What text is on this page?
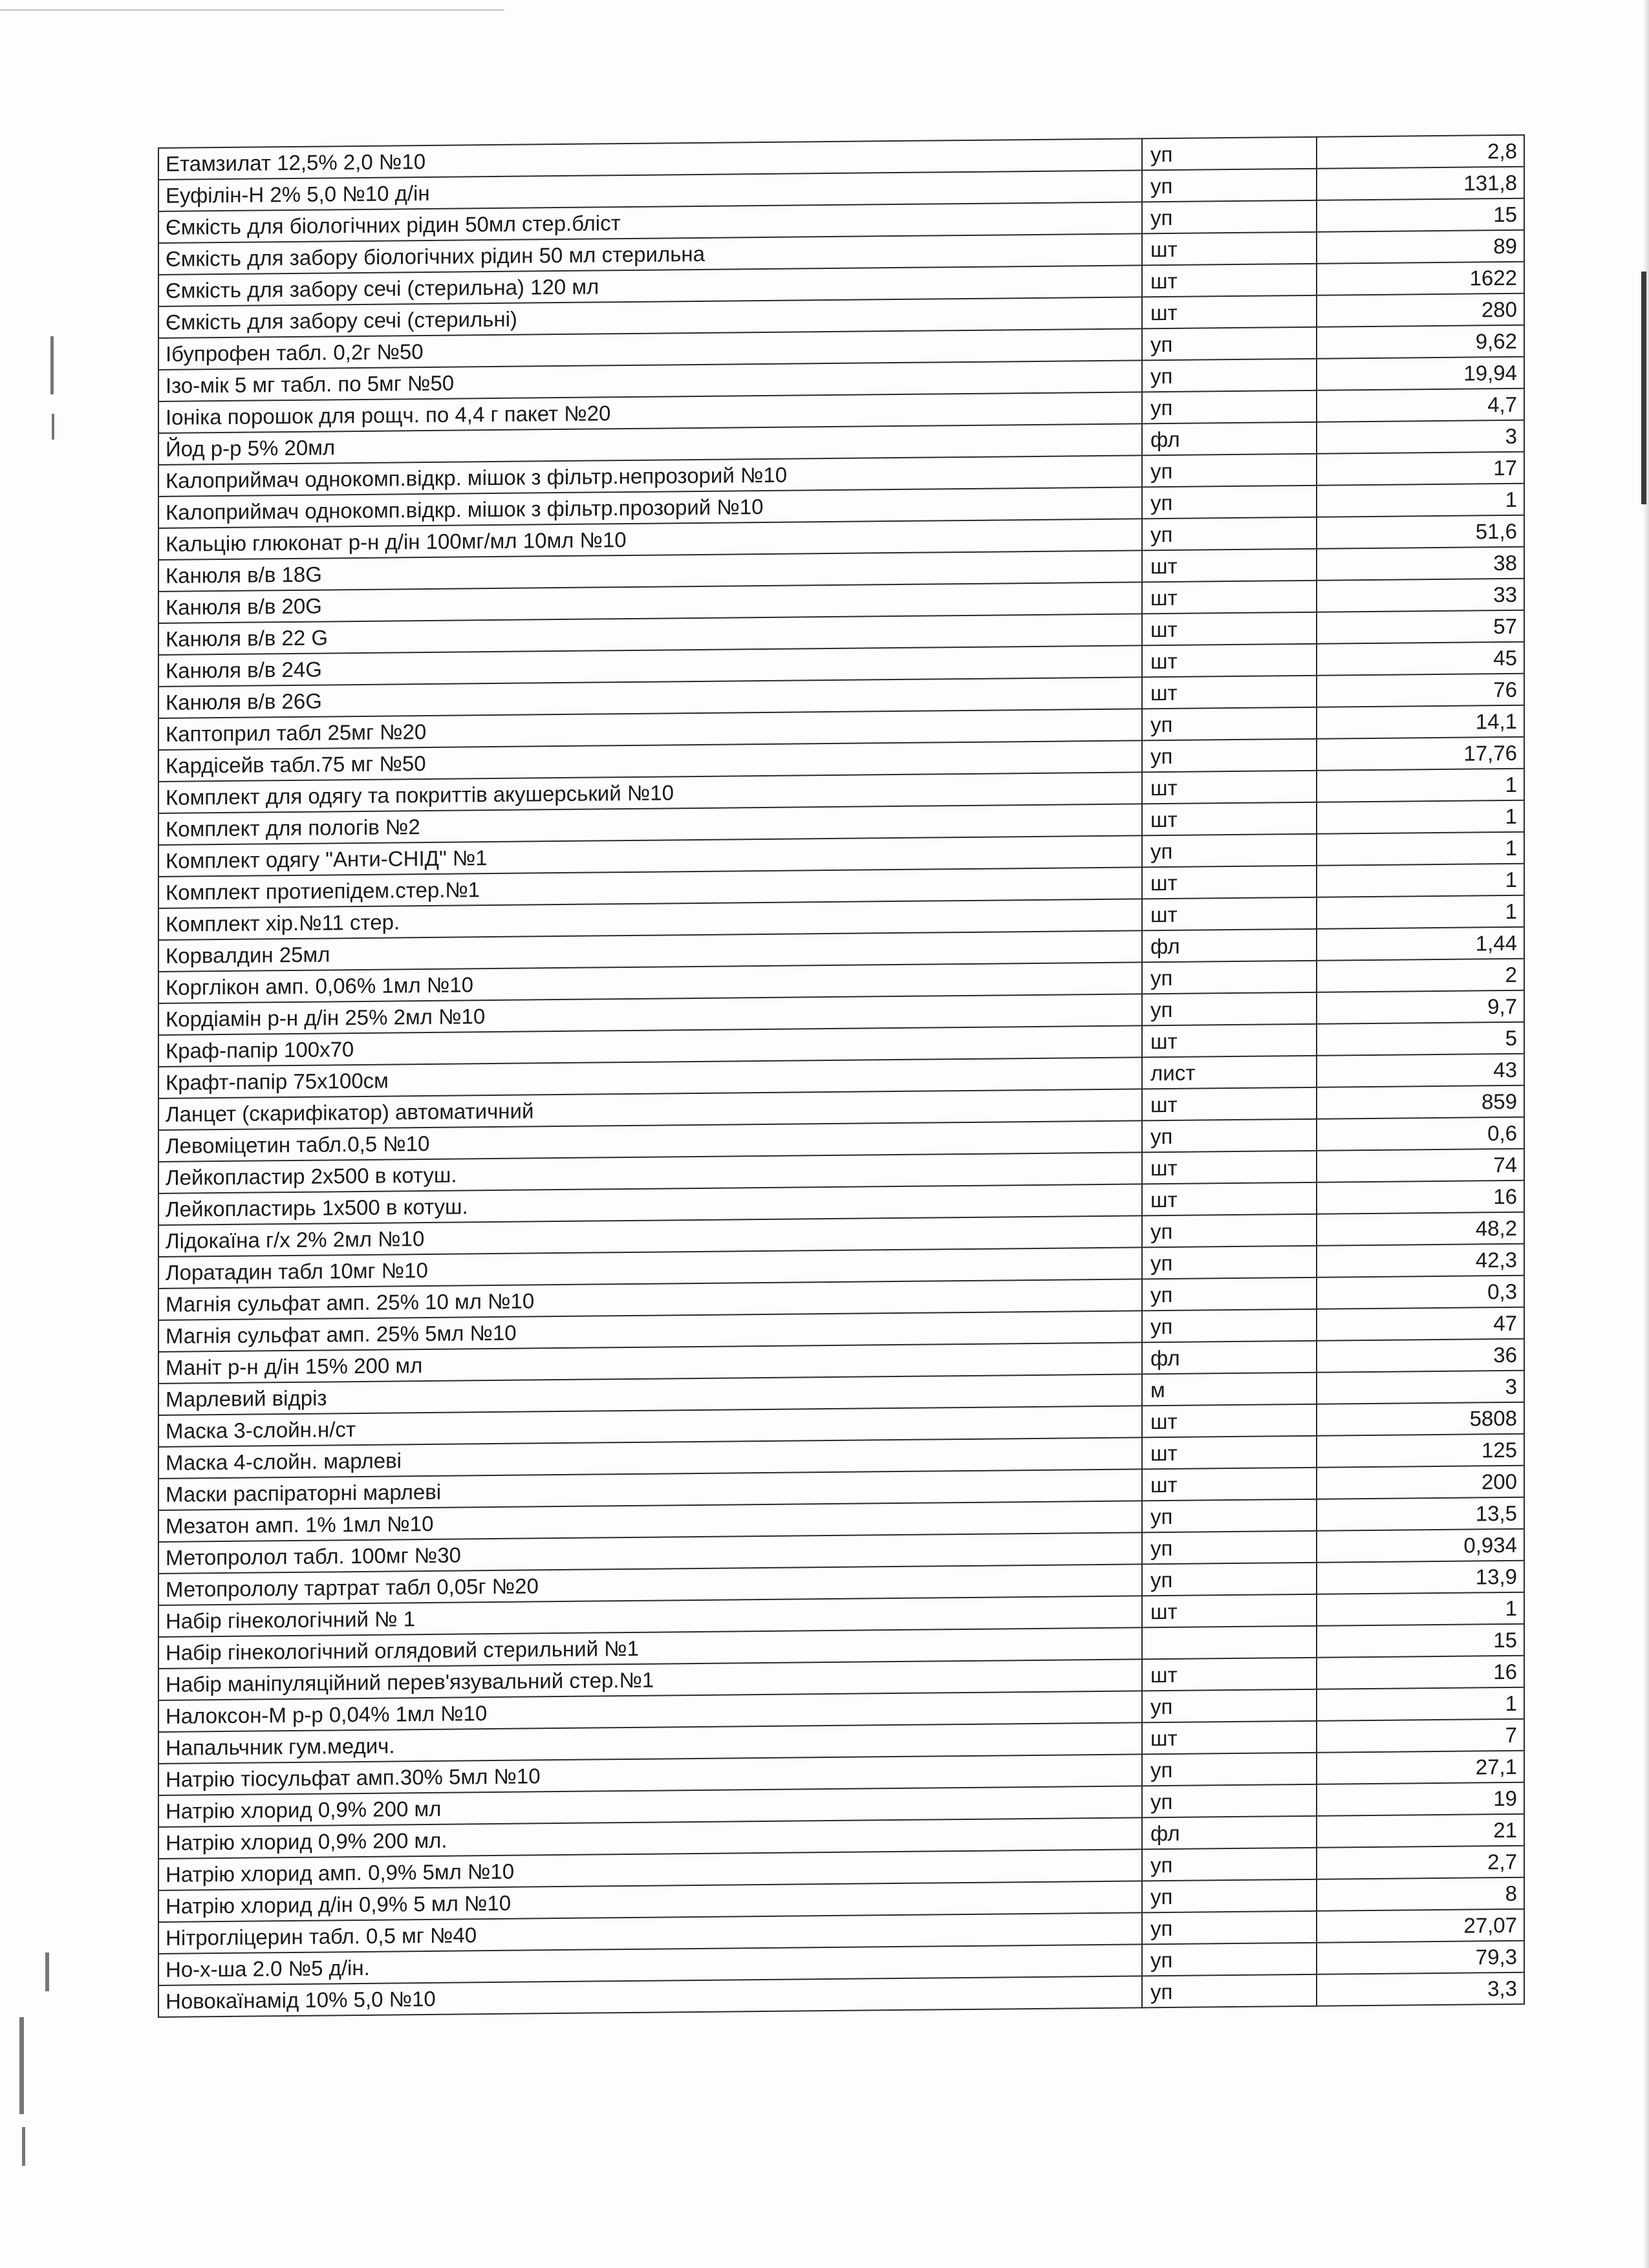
Етамзилат 12,5% 2,0 №10	уп	2,8
Еуфілін-Н 2% 5,0 №10 д/ін	уп	131,8
Ємкість для біологічних рідин 50мл стер.бліст	уп	15
Ємкість для забору біологічних рідин 50 мл стерильна	шт	89
Ємкість для забору сечі (стерильна) 120 мл	шт	1622
Ємкість для забору сечі (стерильні)	шт	280
Ібупрофен табл. 0,2г №50	уп	9,62
Ізо-мік 5 мг табл. по 5мг №50	уп	19,94
Іоніка порошок для рощч. по 4,4 г пакет №20	уп	4,7
Йод р-р 5% 20мл	фл	3
Калоприймач однокомп.відкр. мішок з фільтр.непрозорий №10	уп	17
Калоприймач однокомп.відкр. мішок з фільтр.прозорий №10	уп	1
Кальцію глюконат р-н д/ін 100мг/мл 10мл №10	уп	51,6
Канюля в/в 18G	шт	38
Канюля в/в 20G	шт	33
Канюля в/в 22 G	шт	57
Канюля в/в 24G	шт	45
Канюля в/в 26G	шт	76
Каптоприл табл 25мг №20	уп	14,1
Кардісейв табл.75 мг №50	уп	17,76
Комплект для одягу та покриттів акушерський №10	шт	1
Комплект для пологів №2	шт	1
Комплект одягу "Анти-СНІД" №1	уп	1
Комплект протиепідем.стер.№1	шт	1
Комплект хір.№11 стер.	шт	1
Корвалдин 25мл	фл	1,44
Корглікон амп. 0,06% 1мл №10	уп	2
Кордіамін р-н д/ін 25% 2мл №10	уп	9,7
Краф-папір 100х70	шт	5
Крафт-папір 75х100см	лист	43
Ланцет (скарифікатор) автоматичний	шт	859
Левоміцетин табл.0,5 №10	уп	0,6
Лейкопластир 2х500 в котуш.	шт	74
Лейкопластирь 1х500 в котуш.	шт	16
Лідокаїна г/х 2% 2мл №10	уп	48,2
Лоратадин табл 10мг №10	уп	42,3
Магнія сульфат амп. 25% 10 мл №10	уп	0,3
Магнія сульфат амп. 25% 5мл №10	уп	47
Маніт р-н д/ін 15% 200 мл	фл	36
Марлевий відріз	м	3
Маска 3-слойн.н/ст	шт	5808
Маска 4-слойн. марлеві	шт	125
Маски распіраторні марлеві	шт	200
Мезатон амп. 1% 1мл №10	уп	13,5
Метопролол табл. 100мг №30	уп	0,934
Метопрололу тартрат табл 0,05г №20	уп	13,9
Набір гінекологічний № 1	шт	1
Набір гінекологічний оглядовий стерильний №1		15
Набір маніпуляційний перев'язувальний стер.№1	шт	16
Налоксон-М р-р 0,04% 1мл №10	уп	1
Напальчник гум.медич.	шт	7
Натрію тіосульфат амп.30% 5мл №10	уп	27,1
Натрію хлорид 0,9% 200 мл	уп	19
Натрію хлорид 0,9% 200 мл.	фл	21
Натрію хлорид амп. 0,9% 5мл №10	уп	2,7
Натрію хлорид д/ін 0,9% 5 мл №10	уп	8
Нітрогліцерин табл. 0,5 мг №40	уп	27,07
Но-х-ша 2.0 №5 д/ін.	уп	79,3
Новокаїнамід 10% 5,0 №10	уп	3,3
